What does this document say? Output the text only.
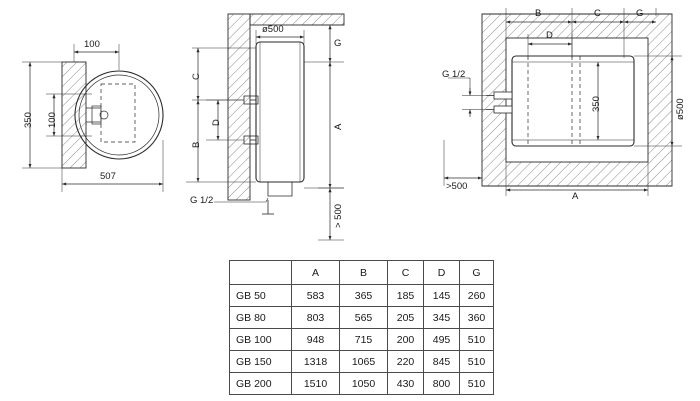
100
350 100
507
ø500
G
C
D
B
A
G 1/2
> 500
B	C	G
D
G 1/2
350	ø500
>500
A
	A	B	C	D	G
GB 50	583	365	185	145	260
GB 80	803	565	205	345	360
GB 100	948	715	200	495	510
GB 150	1318	1065	220	845	510
GB 200	1510	1050	430	800	510
